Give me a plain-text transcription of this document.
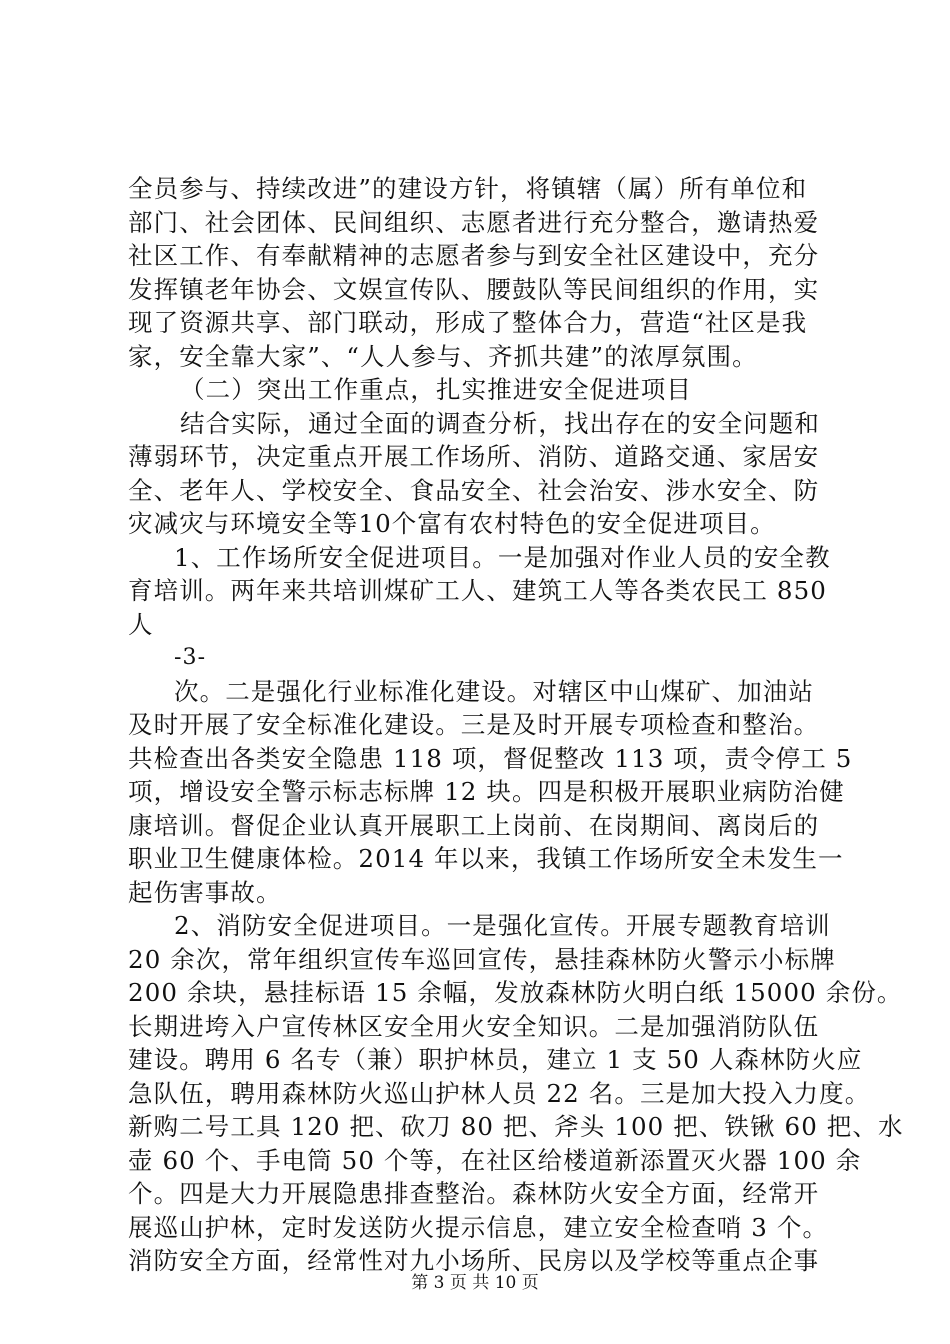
全员参与、持续改进”的建设方针，将镇辖（属）所有单位和
部门、社会团体、民间组织、志愿者进行充分整合，邀请热爱
社区工作、有奉献精神的志愿者参与到安全社区建设中，充分
发挥镇老年协会、文娱宣传队、腰鼓队等民间组织的作用，实
现了资源共享、部门联动，形成了整体合力，营造“社区是我
家，安全靠大家”、“人人参与、齐抓共建”的浓厚氛围。
（二）突出工作重点，扎实推进安全促进项目
结合实际，通过全面的调查分析，找出存在的安全问题和
薄弱环节，决定重点开展工作场所、消防、道路交通、家居安
全、老年人、学校安全、食品安全、社会治安、涉水安全、防
灾减灾与环境安全等10个富有农村特色的安全促进项目。
1、工作场所安全促进项目。一是加强对作业人员的安全教
育培训。两年来共培训煤矿工人、建筑工人等各类农民工 850
人
-3-
次。二是强化行业标准化建设。对辖区中山煤矿、加油站
及时开展了安全标准化建设。三是及时开展专项检查和整治。
共检查出各类安全隐患 118 项，督促整改 113 项，责令停工 5
项，增设安全警示标志标牌 12 块。四是积极开展职业病防治健
康培训。督促企业认真开展职工上岗前、在岗期间、离岗后的
职业卫生健康体检。2014 年以来，我镇工作场所安全未发生一
起伤害事故。
2、消防安全促进项目。一是强化宣传。开展专题教育培训
20 余次，常年组织宣传车巡回宣传，悬挂森林防火警示小标牌
200 余块，悬挂标语 15 余幅，发放森林防火明白纸 15000 余份。
长期进垮入户宣传林区安全用火安全知识。二是加强消防队伍
建设。聘用 6 名专（兼）职护林员，建立 1 支 50 人森林防火应
急队伍，聘用森林防火巡山护林人员 22 名。三是加大投入力度。
新购二号工具 120 把、砍刀 80 把、斧头 100 把、铁锹 60 把、水
壶 60 个、手电筒 50 个等，在社区给楼道新添置灭火器 100 余
个。四是大力开展隐患排查整治。森林防火安全方面，经常开
展巡山护林，定时发送防火提示信息，建立安全检查哨 3 个。
消防安全方面，经常性对九小场所、民房以及学校等重点企事
第 3 页 共 10 页
